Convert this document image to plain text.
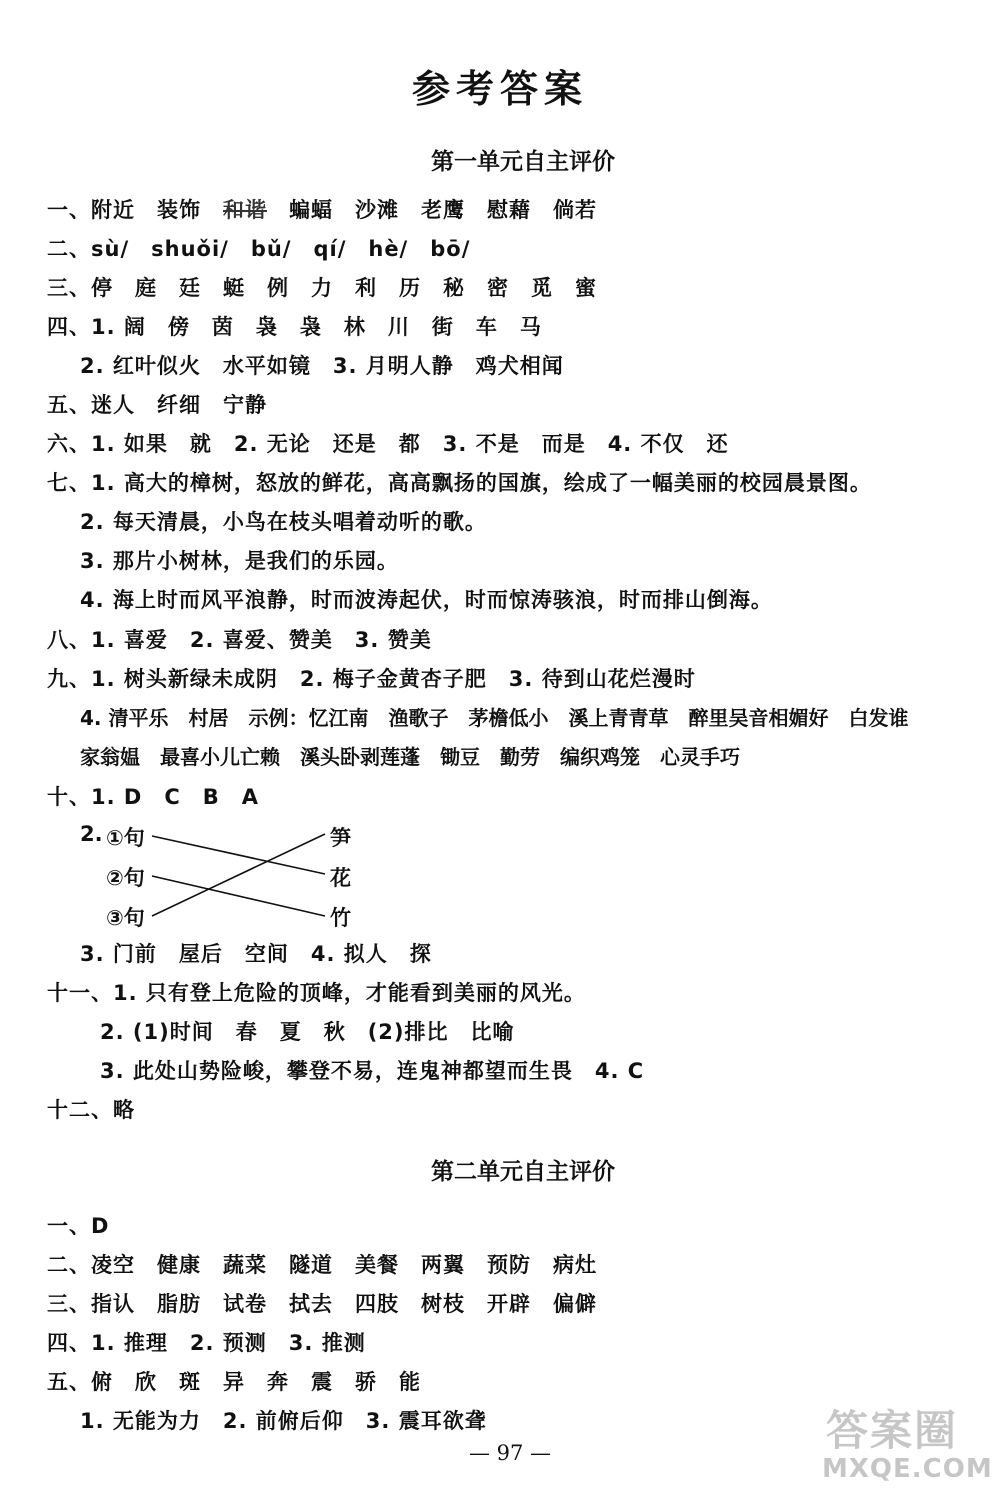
参考答案
第一单元自主评价
一、附近　装饰　和谐　蝙蝠　沙滩　老鹰　慰藉　倘若
二、sù/　shuǒi/　bǔ/　qí/　hè/　bō/
三、停　庭　廷　蜓　例　力　利　历　秘　密　觅　蜜
四、1. 阔　傍　茵　袅　袅　林　川　街　车　马
2. 红叶似火　水平如镜　3. 月明人静　鸡犬相闻
五、迷人　纤细　宁静
六、1. 如果　就　2. 无论　还是　都　3. 不是　而是　4. 不仅　还
七、1. 高大的樟树，怒放的鲜花，高高飘扬的国旗，绘成了一幅美丽的校园晨景图。
2. 每天清晨，小鸟在枝头唱着动听的歌。
3. 那片小树林，是我们的乐园。
4. 海上时而风平浪静，时而波涛起伏，时而惊涛骇浪，时而排山倒海。
八、1. 喜爱　2. 喜爱、赞美　3. 赞美
九、1. 树头新绿未成阴　2. 梅子金黄杏子肥　3. 待到山花烂漫时
4. 清平乐　村居　示例：忆江南　渔歌子　茅檐低小　溪上青青草　醉里吴音相媚好　白发谁
家翁媪　最喜小儿亡赖　溪头卧剥莲蓬　锄豆　勤劳　编织鸡笼　心灵手巧
十、1. D　C　B　A
2. ①句
②句
③句
笋
花
竹
3. 门前　屋后　空间　4. 拟人　探
十一、1. 只有登上危险的顶峰，才能看到美丽的风光。
2. (1)时间　春　夏　秋　(2)排比　比喻
3. 此处山势险峻，攀登不易，连鬼神都望而生畏　4. C
十二、略
第二单元自主评价
一、D
二、凌空　健康　蔬菜　隧道　美餐　两翼　预防　病灶
三、指认　脂肪　试卷　拭去　四肢　树枝　开辟　偏僻
四、1. 推理　2. 预测　3. 推测
五、俯　欣　斑　异　奔　震　骄　能
1. 无能为力　2. 前俯后仰　3. 震耳欲聋
— 97 —	答案圈
MXQE.COM
